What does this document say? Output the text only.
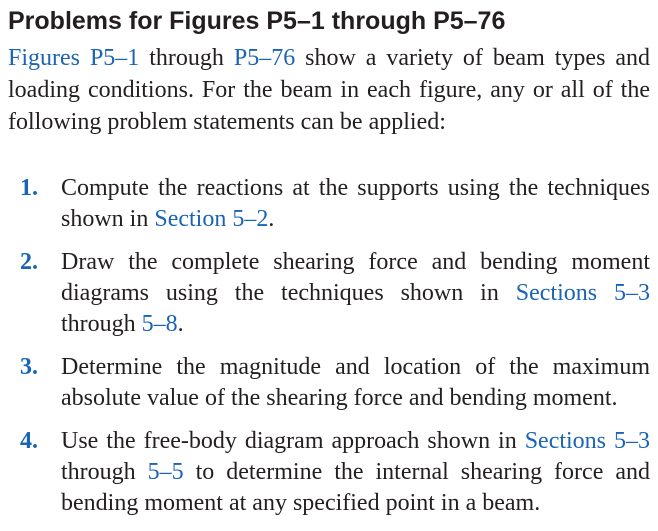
Problems for Figures P5–1 through P5–76
Figures P5–1 through P5–76 show a variety of beam types and loading conditions. For the beam in each figure, any or all of the following problem statements can be applied:
1. Compute the reactions at the supports using the techniques shown in Section 5–2.
2. Draw the complete shearing force and bending moment diagrams using the techniques shown in Sections 5–3 through 5–8.
3. Determine the magnitude and location of the maximum absolute value of the shearing force and bending moment.
4. Use the free-body diagram approach shown in Sections 5–3 through 5–5 to determine the internal shearing force and bending moment at any specified point in a beam.
